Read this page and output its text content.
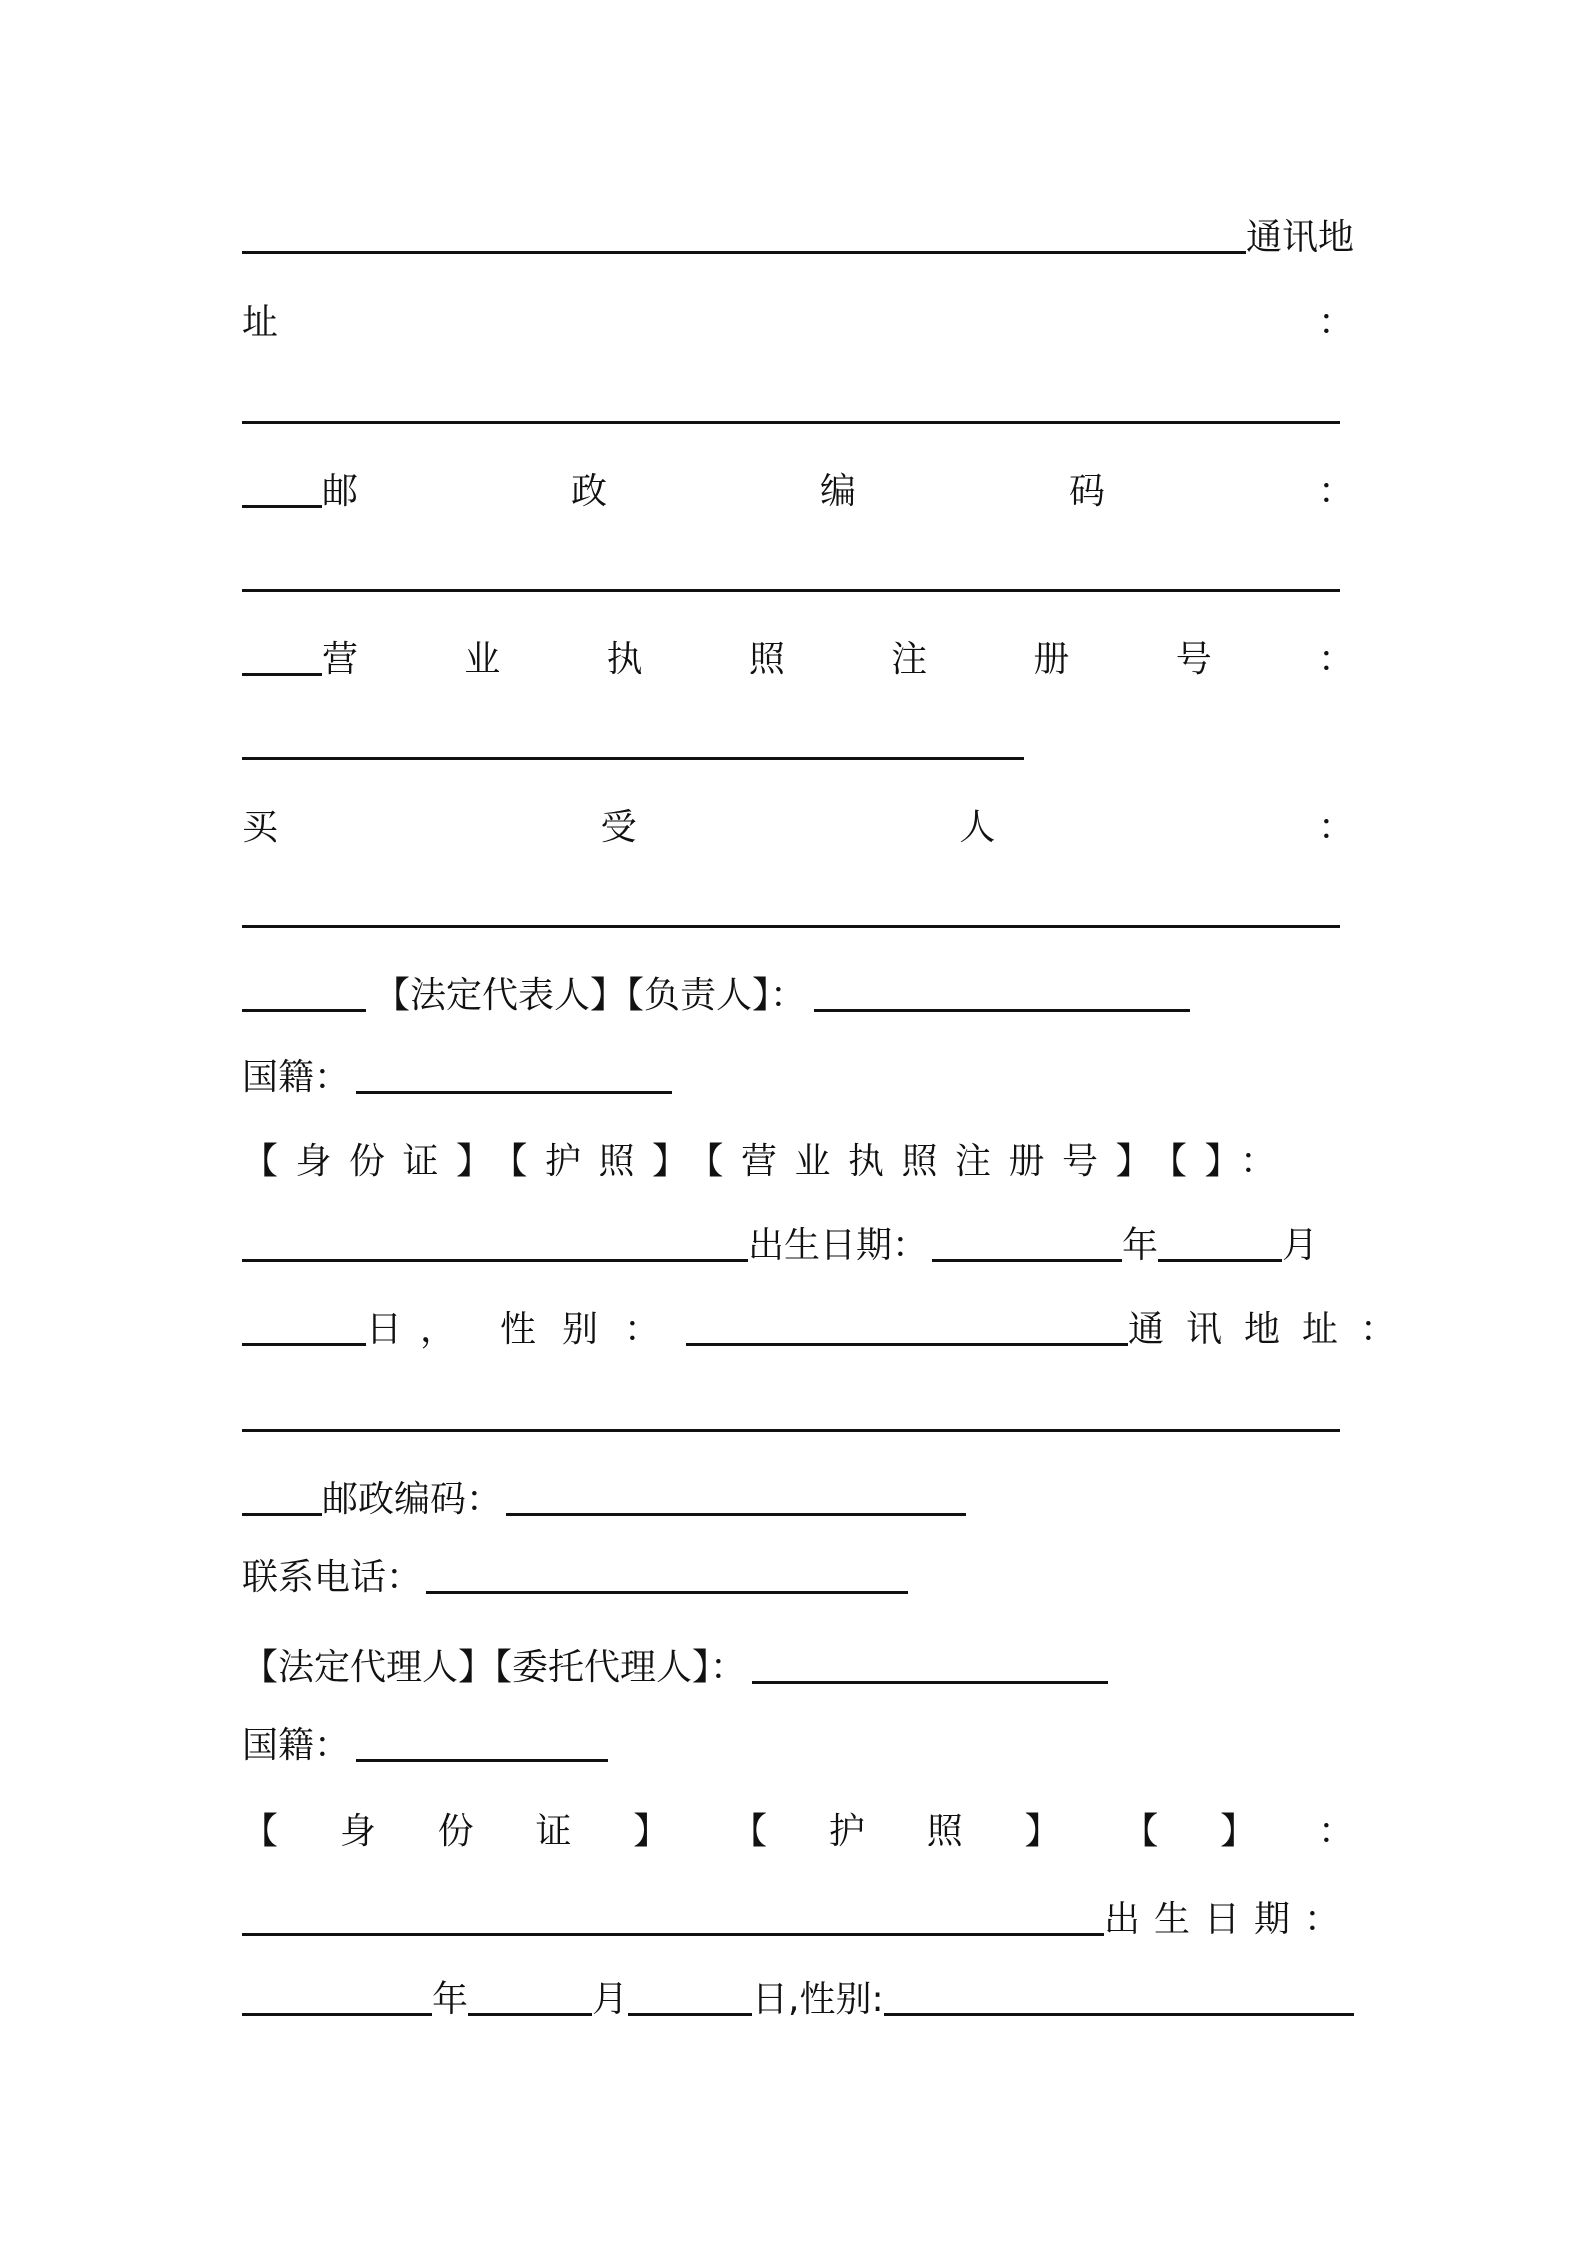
通讯地
址	：
邮	政	编	码	：
营	业	执	照	注	册	号	：
买	受	人	：
【法定代表人】【负责人】：
国籍：
【身份证】【护照】【营业执照注册号】【】：
出生日期：	年	月
日 ， 性别：	通讯地址：
邮政编码：
联系电话：
【法定代理人】【委托代理人】：
国籍：
【 身 份 证 】 【 护 照 】 【 】 ：
出生日期：
年	月	日,性别:
